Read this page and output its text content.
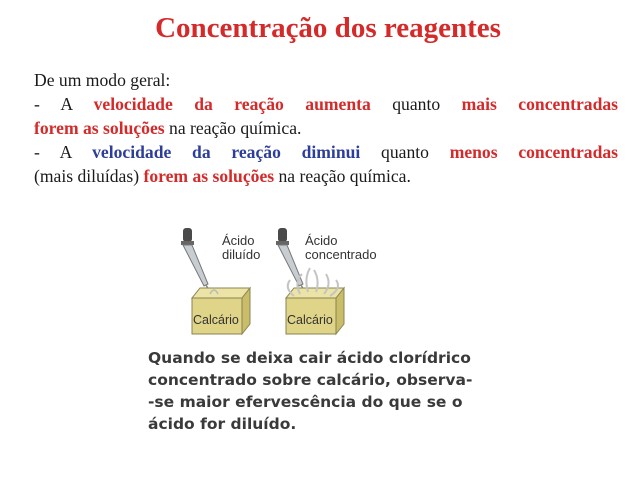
Concentração dos reagentes

De um modo geral:

- A velocidade da reação aumenta quanto mais concentradas

forem as soluções na reação química.

- A velocidade da reação diminui quanto menos concentradas

(mais diluídas) forem as soluções na reação química.

Ácido
diluído
Ácido
concentrado
Calcário	Calcário
Quando se deixa cair ácido clorídrico
concentrado sobre calcário, observa-
-se maior efervescência do que se o
ácido for diluído.
